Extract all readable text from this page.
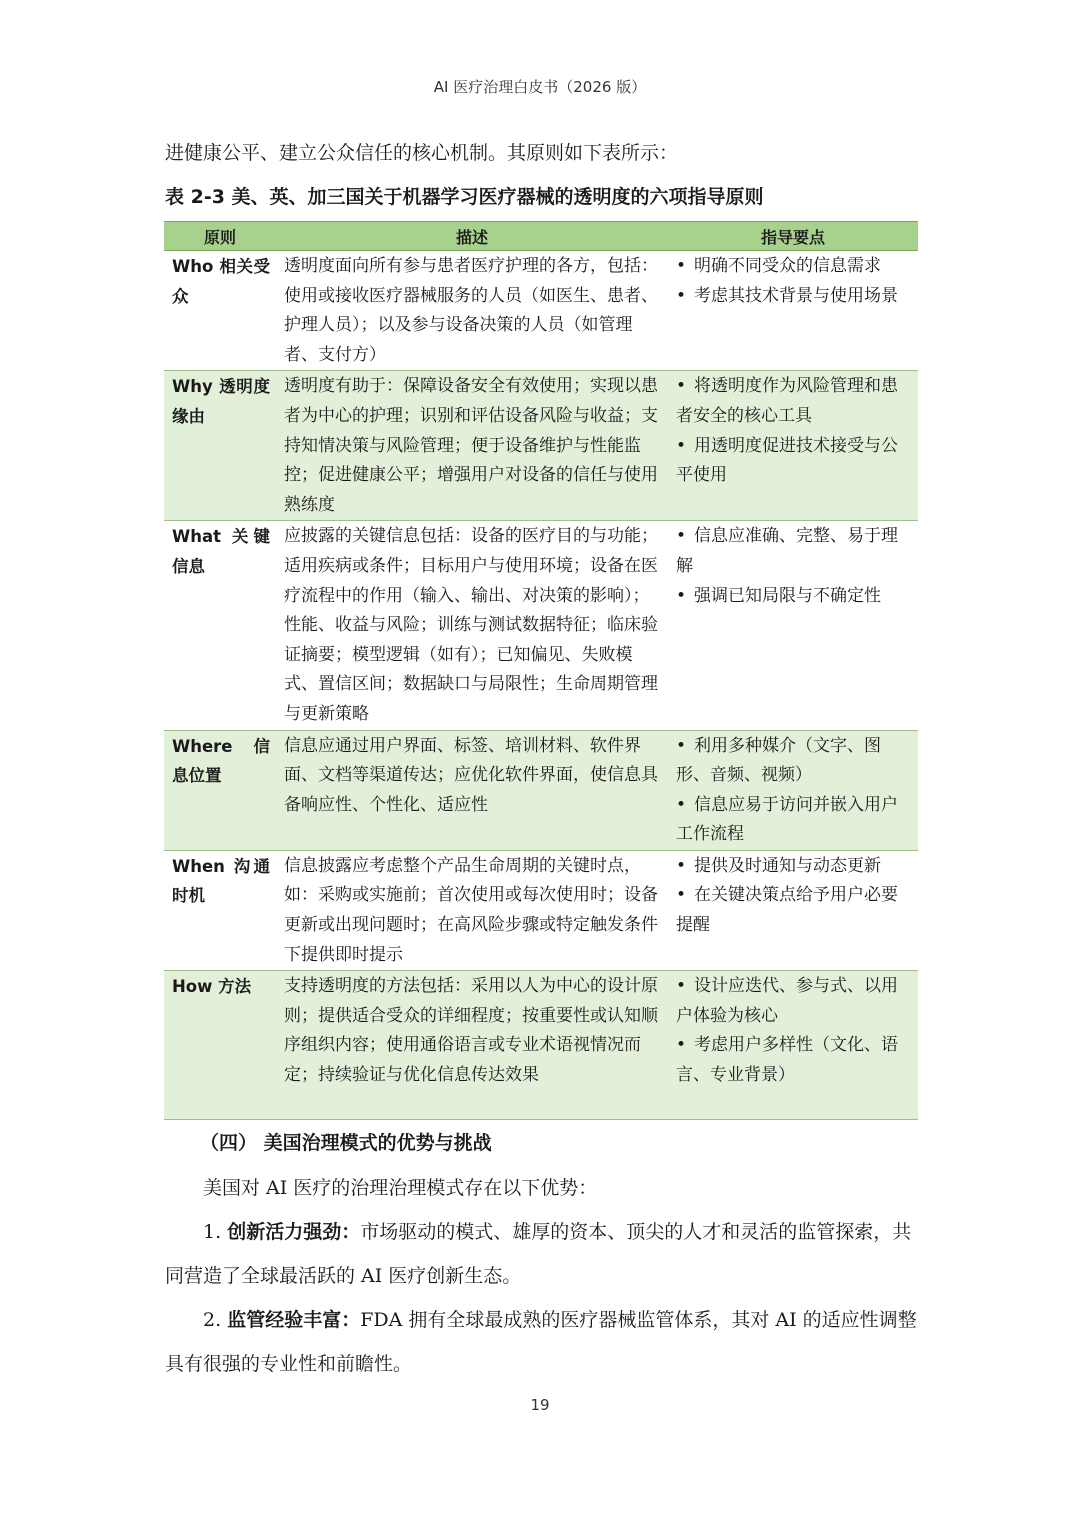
AI 医疗治理白皮书（2026 版）
进健康公平、建立公众信任的核心机制。其原则如下表所示：
表 2-3 美、英、加三国关于机器学习医疗器械的透明度的六项指导原则
原则	描述	指导要点
Who 相关受众	透明度面向所有参与患者医疗护理的各方，包括：使用或接收医疗器械服务的人员（如医生、患者、护理人员）；以及参与设备决策的人员（如管理者、支付方）	• 明确不同受众的信息需求
• 考虑其技术背景与使用场景

Why 透明度缘由	透明度有助于：保障设备安全有效使用；实现以患者为中心的护理；识别和评估设备风险与收益；支持知情决策与风险管理；便于设备维护与性能监控；促进健康公平；增强用户对设备的信任与使用熟练度	• 将透明度作为风险管理和患者安全的核心工具
• 用透明度促进技术接受与公平使用

What 关键信息	应披露的关键信息包括：设备的医疗目的与功能；适用疾病或条件；目标用户与使用环境；设备在医疗流程中的作用（输入、输出、对决策的影响）；性能、收益与风险；训练与测试数据特征；临床验证摘要；模型逻辑（如有）；已知偏见、失败模式、置信区间；数据缺口与局限性；生命周期管理与更新策略	• 信息应准确、完整、易于理解
• 强调已知局限与不确定性

Where 信息位置	信息应通过用户界面、标签、培训材料、软件界面、文档等渠道传达；应优化软件界面，使信息具备响应性、个性化、适应性	• 利用多种媒介（文字、图形、音频、视频）
• 信息应易于访问并嵌入用户工作流程

When 沟通时机	信息披露应考虑整个产品生命周期的关键时点，如：采购或实施前；首次使用或每次使用时；设备更新或出现问题时；在高风险步骤或特定触发条件下提供即时提示	• 提供及时通知与动态更新
• 在关键决策点给予用户必要提醒

How 方法	支持透明度的方法包括：采用以人为中心的设计原则；提供适合受众的详细程度；按重要性或认知顺序组织内容；使用通俗语言或专业术语视情况而定；持续验证与优化信息传达效果	• 设计应迭代、参与式、以用户体验为核心
• 考虑用户多样性（文化、语言、专业背景）
（四） 美国治理模式的优势与挑战
美国对 AI 医疗的治理治理模式存在以下优势：
1. 创新活力强劲：市场驱动的模式、雄厚的资本、顶尖的人才和灵活的监管探索，共同营造了全球最活跃的 AI 医疗创新生态。
2. 监管经验丰富：FDA 拥有全球最成熟的医疗器械监管体系，其对 AI 的适应性调整具有很强的专业性和前瞻性。
19
